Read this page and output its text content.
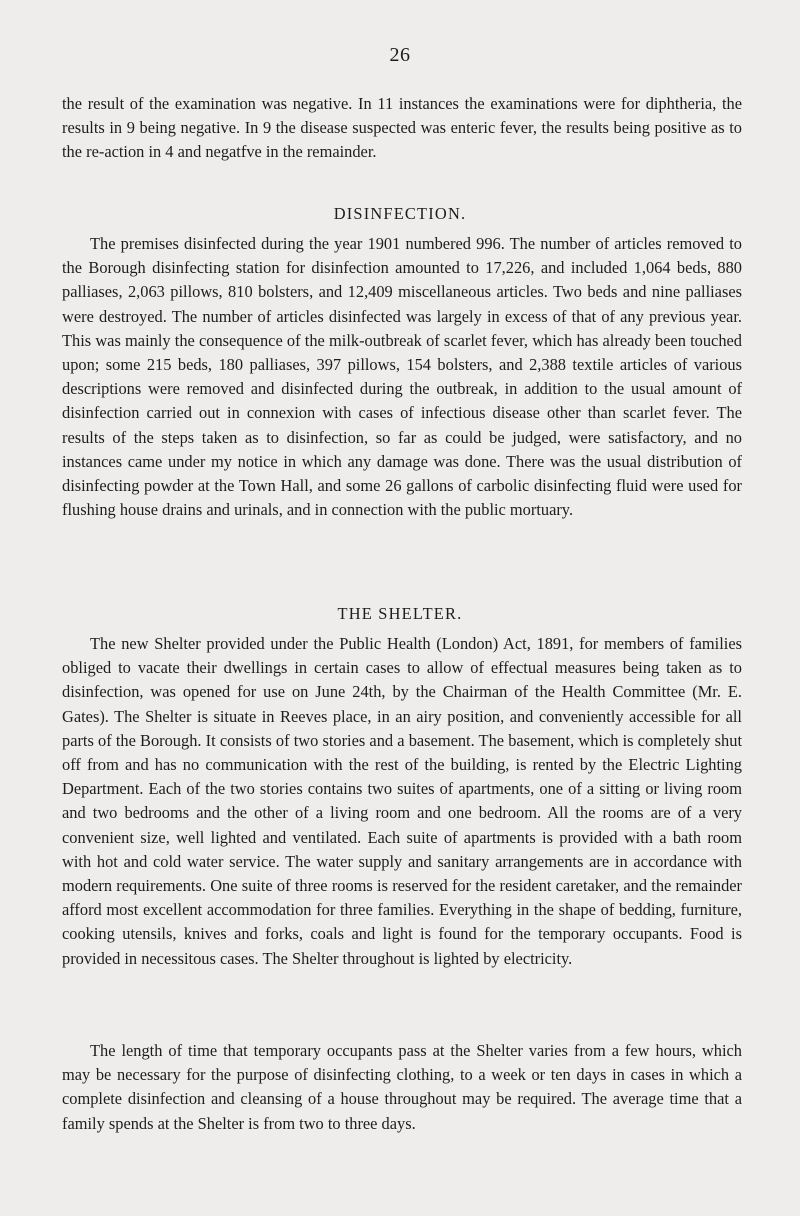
26

the result of the examination was negative. In 11 instances the examinations were for diphtheria, the results in 9 being negative. In 9 the disease suspected was enteric fever, the results being positive as to the re-action in 4 and negatfve in the remainder.

DISINFECTION.

The premises disinfected during the year 1901 numbered 996. The number of articles removed to the Borough disinfecting station for disinfection amounted to 17,226, and included 1,064 beds, 880 palliases, 2,063 pillows, 810 bolsters, and 12,409 miscellaneous articles. Two beds and nine palliases were destroyed. The number of articles disinfected was largely in excess of that of any previous year. This was mainly the consequence of the milk-outbreak of scarlet fever, which has already been touched upon; some 215 beds, 180 palliases, 397 pillows, 154 bolsters, and 2,388 textile articles of various descriptions were removed and disinfected during the outbreak, in addition to the usual amount of disinfection carried out in connexion with cases of infectious disease other than scarlet fever. The results of the steps taken as to disinfection, so far as could be judged, were satisfactory, and no instances came under my notice in which any damage was done. There was the usual distribution of disinfecting powder at the Town Hall, and some 26 gallons of carbolic disinfecting fluid were used for flushing house drains and urinals, and in connection with the public mortuary.

THE SHELTER.

The new Shelter provided under the Public Health (London) Act, 1891, for members of families obliged to vacate their dwellings in certain cases to allow of effectual measures being taken as to disinfection, was opened for use on June 24th, by the Chairman of the Health Committee (Mr. E. Gates). The Shelter is situate in Reeves place, in an airy position, and conveniently accessible for all parts of the Borough. It consists of two stories and a basement. The basement, which is completely shut off from and has no communication with the rest of the building, is rented by the Electric Lighting Department. Each of the two stories contains two suites of apartments, one of a sitting or living room and two bedrooms and the other of a living room and one bedroom. All the rooms are of a very convenient size, well lighted and ventilated. Each suite of apartments is provided with a bath room with hot and cold water service. The water supply and sanitary arrangements are in accordance with modern requirements. One suite of three rooms is reserved for the resident caretaker, and the remainder afford most excellent accommodation for three families. Everything in the shape of bedding, furniture, cooking utensils, knives and forks, coals and light is found for the temporary occupants. Food is provided in necessitous cases. The Shelter throughout is lighted by electricity.

The length of time that temporary occupants pass at the Shelter varies from a few hours, which may be necessary for the purpose of disinfecting clothing, to a week or ten days in cases in which a complete disinfection and cleansing of a house throughout may be required. The average time that a family spends at the Shelter is from two to three days.
